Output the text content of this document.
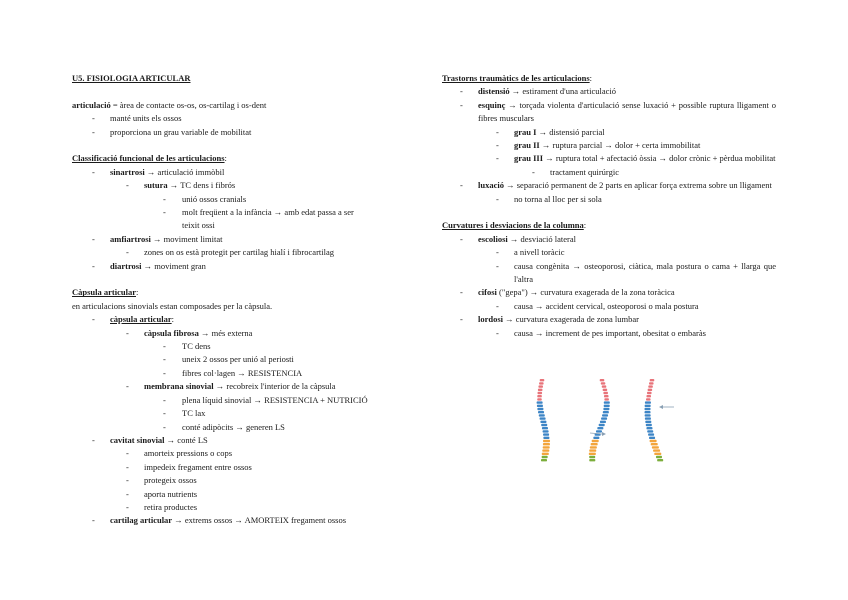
U5. FISIOLOGIA ARTICULAR
articulació = àrea de contacte os-os, os-cartilag i os-dent
- manté units els ossos
- proporciona un grau variable de mobilitat
Classificació funcional de les articulacions:
- sinartrosi → articulació immòbil
- sutura → TC dens i fibrós
- unió ossos cranials
- molt freqüent a la infància → amb edat passa a ser
teixit ossi
- amfiartrosi → moviment limitat
- zones on os està protegit per cartilag hialí i fibrocartilag
- diartrosi → moviment gran
Càpsula articular:
en articulacions sinovials estan composades per la càpsula.
- càpsula articular:
- càpsula fibrosa → més externa
- TC dens
- uneix 2 ossos per unió al periosti
- fibres col·lagen → RESISTENCIA
- membrana sinovial → recobreix l'interior de la càpsula
- plena líquid sinovial → RESISTENCIA + NUTRICIÓ
- TC lax
- conté adipòcits → generen LS
- cavitat sinovial → conté LS
- amorteix pressions o cops
- impedeix fregament entre ossos
- protegeix ossos
- aporta nutrients
- retira productes
- cartilag articular → extrems ossos → AMORTEIX fregament ossos
Trastorns traumàtics de les articulacions:
- distensió → estirament d'una articulació
- esquinç → torçada violenta d'articulació sense luxació + possible ruptura lligament o fibres musculars
- grau I → distensió parcial
- grau II → ruptura parcial → dolor + certa immobilitat
- grau III → ruptura total + afectació òssia → dolor crònic + pèrdua mobilitat
- tractament quirúrgic
- luxació → separació permanent de 2 parts en aplicar força extrema sobre un lligament
- no torna al lloc per si sola
Curvatures i desviacions de la columna:
- escoliosi → desviació lateral
- a nivell toràcic
- causa congènita → osteoporosi, ciàtica, mala postura o cama + llarga que l'altra
- cifosi ("gepa") → curvatura exagerada de la zona toràcica
- causa → accident cervical, osteoporosi o mala postura
- lordosi → curvatura exagerada de zona lumbar
- causa → increment de pes important, obesitat o embaràs
